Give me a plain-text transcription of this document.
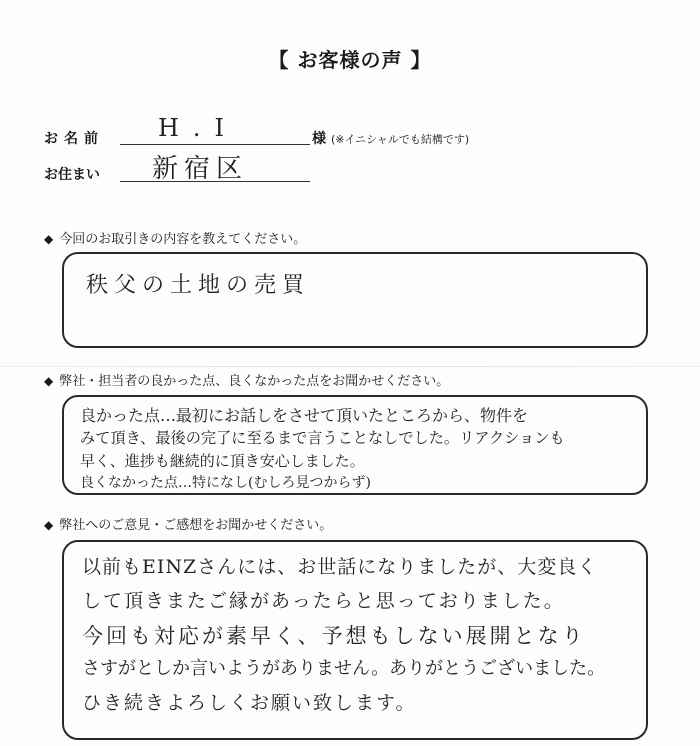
【 お客様の声 】
お名前 H.I	様 (※イニシャルでも結構です)
お住まい 新宿区
◆ 今回のお取引きの内容を教えてください。
秩父の土地の売買
◆ 弊社・担当者の良かった点、良くなかった点をお聞かせください。
良かった点…最初にお話しをさせて頂いたところから、物件を
みて頂き、最後の完了に至るまで言うことなしでした。リアクションも
早く、進捗も継続的に頂き安心しました。
良くなかった点…特になし(むしろ見つからず)
◆ 弊社へのご意見・ご感想をお聞かせください。
以前もEINZさんには、お世話になりましたが、大変良く
して頂きまたご縁があったらと思っておりました。
今回も対応が素早く、予想もしない展開となり
さすがとしか言いようがありません。ありがとうございました。
ひき続きよろしくお願い致します。
